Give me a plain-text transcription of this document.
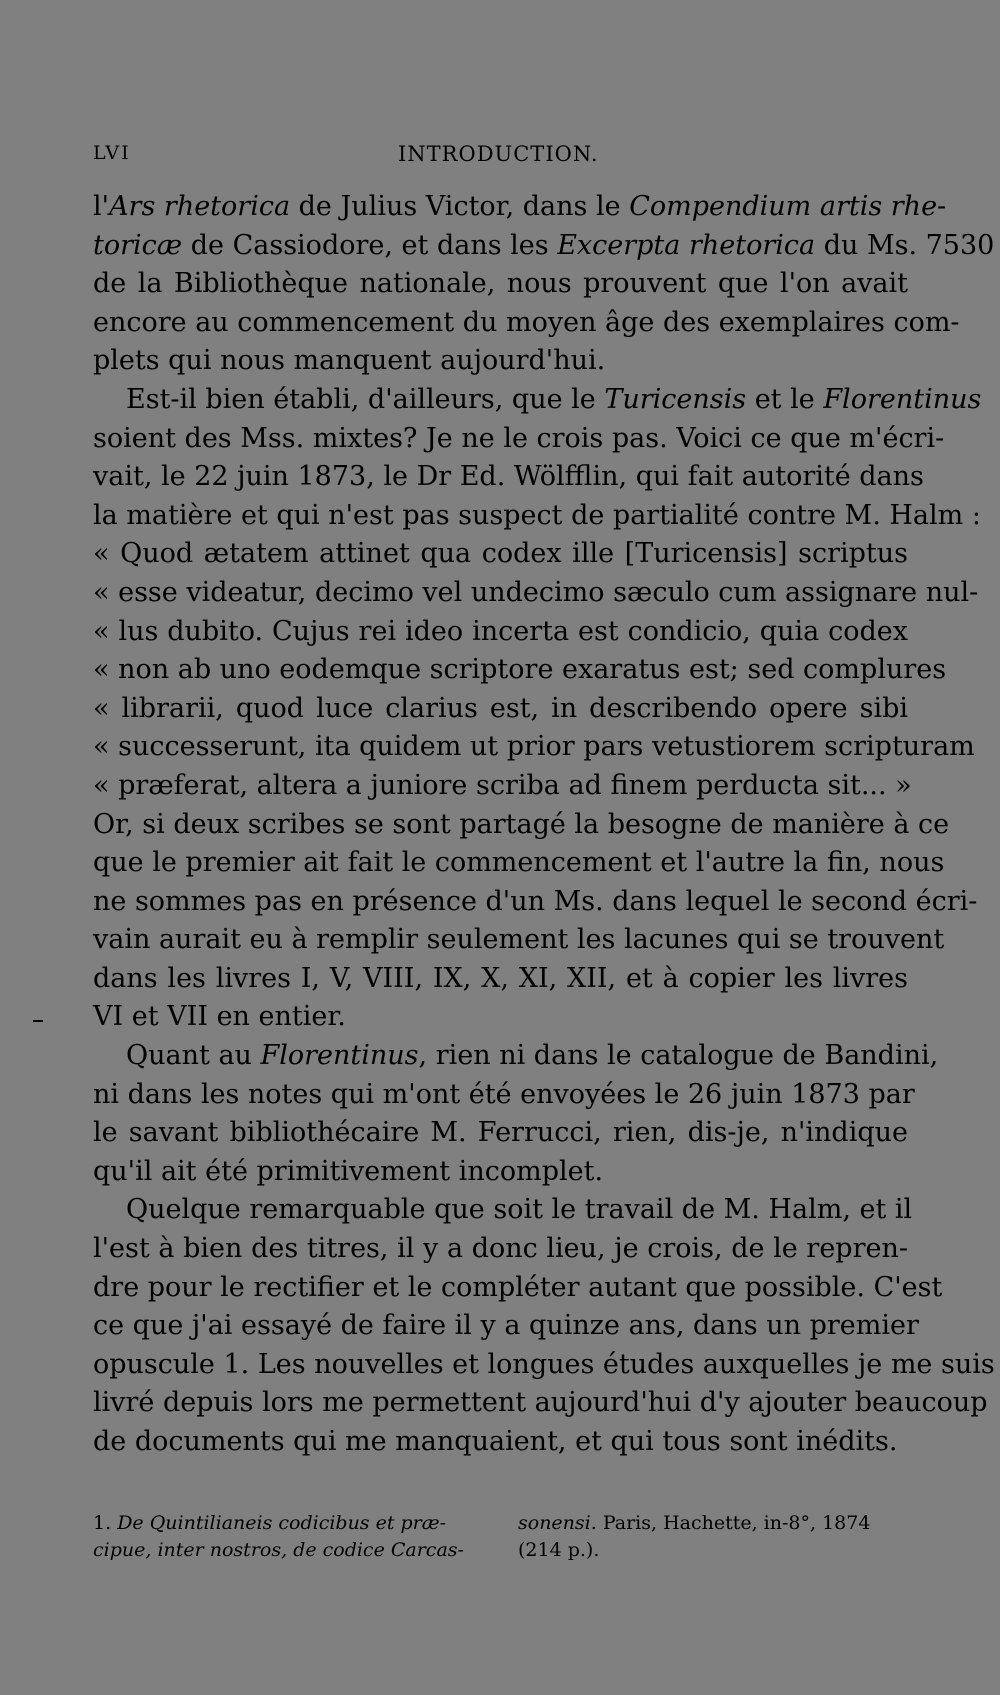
LVI	INTRODUCTION.

l'Ars rhetorica de Julius Victor, dans le Compendium artis rhe-
toricæ de Cassiodore, et dans les Excerpta rhetorica du Ms. 7530
de la Bibliothèque nationale, nous prouvent que l'on avait
encore au commencement du moyen âge des exemplaires com-
plets qui nous manquent aujourd'hui.

Est-il bien établi, d'ailleurs, que le Turicensis et le Florentinus
soient des Mss. mixtes? Je ne le crois pas. Voici ce que m'écri-
vait, le 22 juin 1873, le Dr Ed. Wölfflin, qui fait autorité dans
la matière et qui n'est pas suspect de partialité contre M. Halm :
« Quod ætatem attinet qua codex ille [Turicensis] scriptus
« esse videatur, decimo vel undecimo sæculo cum assignare nul-
« lus dubito. Cujus rei ideo incerta est condicio, quia codex
« non ab uno eodemque scriptore exaratus est; sed complures
« librarii, quod luce clarius est, in describendo opere sibi
« successerunt, ita quidem ut prior pars vetustiorem scripturam
« præferat, altera a juniore scriba ad finem perducta sit... »
Or, si deux scribes se sont partagé la besogne de manière à ce
que le premier ait fait le commencement et l'autre la fin, nous
ne sommes pas en présence d'un Ms. dans lequel le second écri-
vain aurait eu à remplir seulement les lacunes qui se trouvent
dans les livres I, V, VIII, IX, X, XI, XII, et à copier les livres
VI et VII en entier.

Quant au Florentinus, rien ni dans le catalogue de Bandini,
ni dans les notes qui m'ont été envoyées le 26 juin 1873 par
le savant bibliothécaire M. Ferrucci, rien, dis-je, n'indique
qu'il ait été primitivement incomplet.

Quelque remarquable que soit le travail de M. Halm, et il
l'est à bien des titres, il y a donc lieu, je crois, de le repren-
dre pour le rectifier et le compléter autant que possible. C'est
ce que j'ai essayé de faire il y a quinze ans, dans un premier
opuscule 1. Les nouvelles et longues études auxquelles je me suis
livré depuis lors me permettent aujourd'hui d'y ajouter beaucoup
de documents qui me manquaient, et qui tous sont inédits.

1. De Quintilianeis codicibus et præ-
cipue, inter nostros, de codice Carcas-
sonensi. Paris, Hachette, in-8°, 1874
(214 p.).
